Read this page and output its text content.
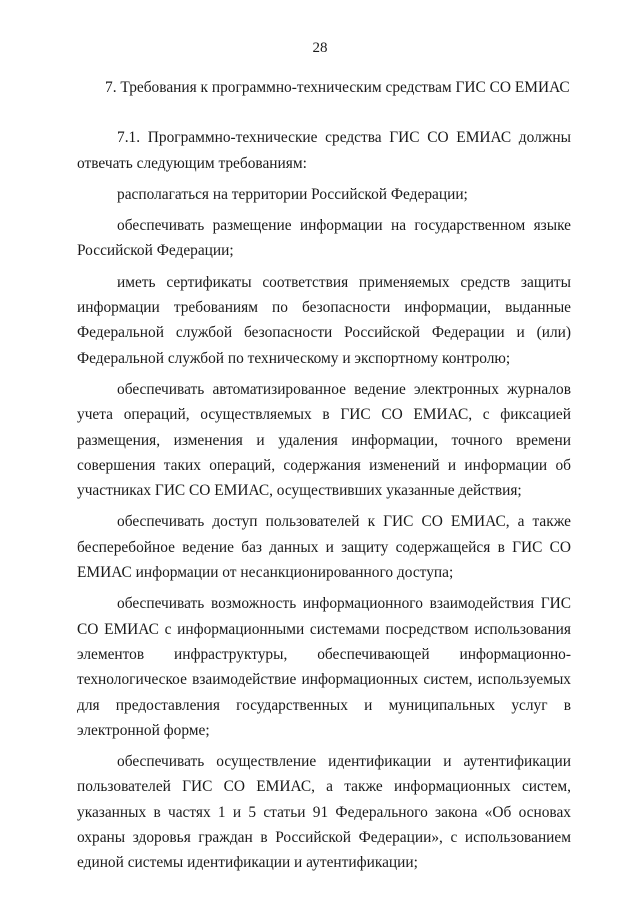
28
7. Требования к программно-техническим средствам ГИС СО ЕМИАС

7.1. Программно-технические средства ГИС СО ЕМИАС должны отвечать следующим требованиям:

располагаться на территории Российской Федерации;

обеспечивать размещение информации на государственном языке Российской Федерации;

иметь сертификаты соответствия применяемых средств защиты информации требованиям по безопасности информации, выданные Федеральной службой безопасности Российской Федерации и (или) Федеральной службой по техническому и экспортному контролю;

обеспечивать автоматизированное ведение электронных журналов учета операций, осуществляемых в ГИС СО ЕМИАС, с фиксацией размещения, изменения и удаления информации, точного времени совершения таких операций, содержания изменений и информации об участниках ГИС СО ЕМИАС, осуществивших указанные действия;

обеспечивать доступ пользователей к ГИС СО ЕМИАС, а также бесперебойное ведение баз данных и защиту содержащейся в ГИС СО ЕМИАС информации от несанкционированного доступа;

обеспечивать возможность информационного взаимодействия ГИС СО ЕМИАС с информационными системами посредством использования элементов инфраструктуры, обеспечивающей информационно-технологическое взаимодействие информационных систем, используемых для предоставления государственных и муниципальных услуг в электронной форме;

обеспечивать осуществление идентификации и аутентификации пользователей ГИС СО ЕМИАС, а также информационных систем, указанных в частях 1 и 5 статьи 91 Федерального закона «Об основах охраны здоровья граждан в Российской Федерации», с использованием единой системы идентификации и аутентификации;
